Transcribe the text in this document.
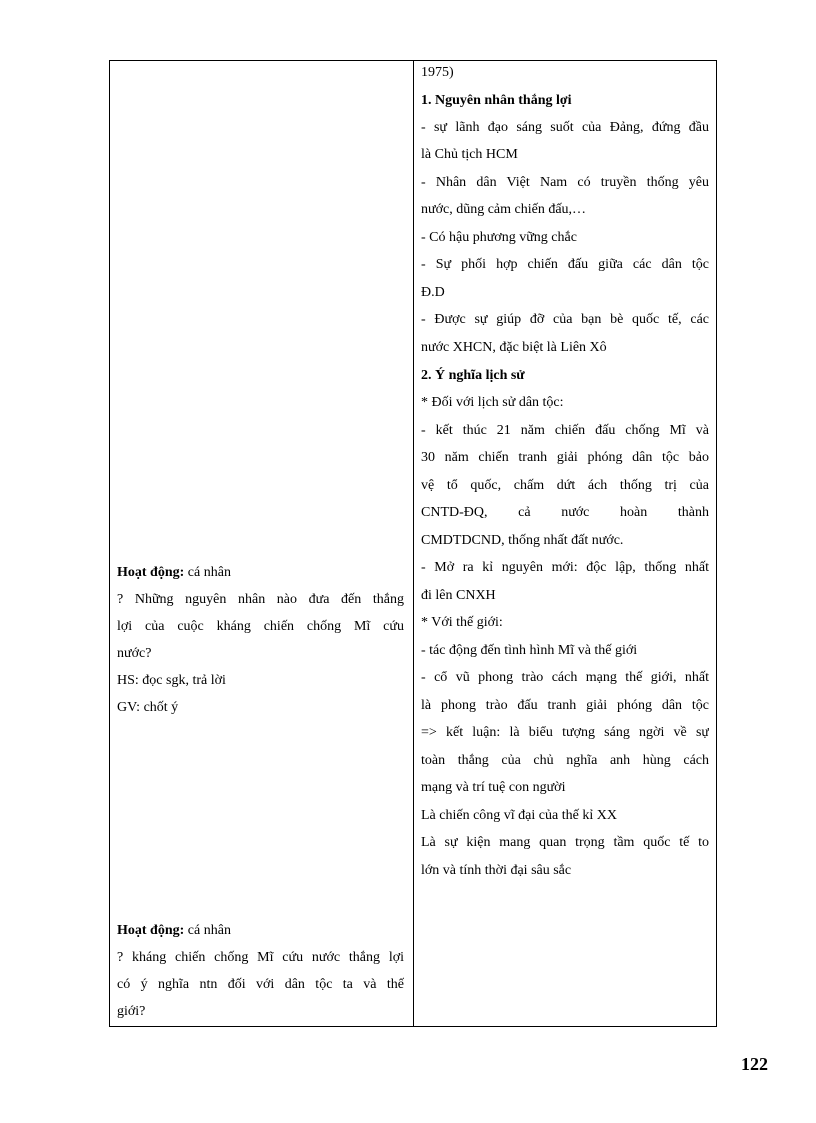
Hoạt động: cá nhân
? Những nguyên nhân nào đưa đến thắng
lợi của cuộc kháng chiến chống Mĩ cứu
nước?
HS: đọc sgk, trả lời
GV: chốt ý
Hoạt động: cá nhân
? kháng chiến chống Mĩ cứu nước thắng lợi
có ý nghĩa ntn đối với dân tộc ta và thế
giới?
1975)
1. Nguyên nhân thắng lợi
- sự lãnh đạo sáng suốt của Đảng, đứng đầu
là Chủ tịch HCM
- Nhân dân Việt Nam có truyền thống yêu
nước, dũng cảm chiến đấu,…
- Có hậu phương vững chắc
- Sự phối hợp chiến đấu giữa các dân tộc
Đ.D
- Được sự giúp đỡ của bạn bè quốc tế, các
nước XHCN, đặc biệt là Liên Xô
2. Ý nghĩa lịch sử
* Đối với lịch sử dân tộc:
- kết thúc 21 năm chiến đấu chống Mĩ và
30 năm chiến tranh giải phóng dân tộc bảo
vệ tổ quốc, chấm dứt ách thống trị của
CNTD-ĐQ, cả nước hoàn thành
CMDTDCND, thống nhất đất nước.
- Mở ra kỉ nguyên mới: độc lập, thống nhất
đi lên CNXH
* Với thế giới:
- tác động đến tình hình Mĩ và thế giới
- cổ vũ phong trào cách mạng thế giới, nhất
là phong trào đấu tranh giải phóng dân tộc
=> kết luận: là biểu tượng sáng ngời về sự
toàn thắng của chủ nghĩa anh hùng cách
mạng và trí tuệ con người
Là chiến công vĩ đại của thế kỉ XX
Là sự kiện mang quan trọng tầm quốc tế to
lớn và tính thời đại sâu sắc
122
